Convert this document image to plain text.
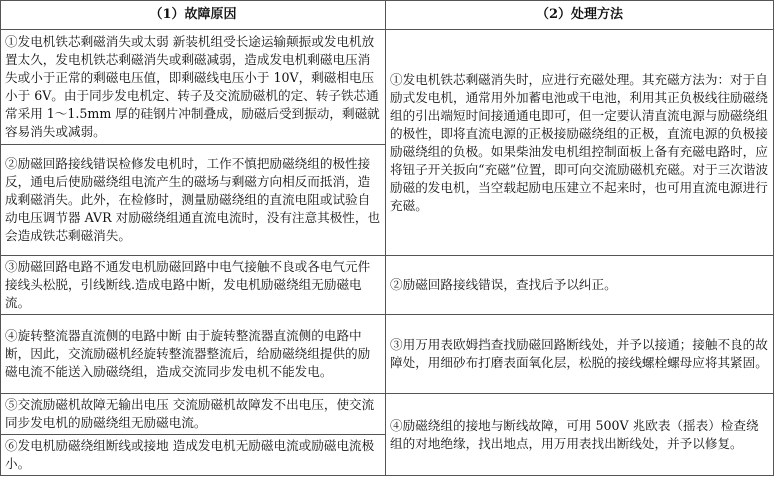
（1）故障原因	（2）处理方法
①发电机铁芯剩磁消失或太弱 新装机组受长途运输颠振或发电机放置太久，发电机铁芯剩磁消失或剩磁减弱，造成发电机剩磁电压消失或小于正常的剩磁电压值，即剩磁线电压小于 10V，剩磁相电压小于 6V。由于同步发电机定、转子及交流励磁机的定、转子铁芯通常采用 1～1.5mm 厚的硅钢片冲制叠成，励磁后受到振动，剩磁就容易消失或减弱。	①发电机铁芯剩磁消失时，应进行充磁处理。其充磁方法为：对于自励式发电机，通常用外加蓄电池或干电池，利用其正负极线往励磁绕组的引出端短时间接通通电即可，但一定要认清直流电源与励磁绕组的极性，即将直流电源的正极接励磁绕组的正极，直流电源的负极接励磁绕组的负极。如果柴油发电机组控制面板上备有充磁电路时，应将钮子开关扳向“充磁”位置，即可向交流励磁机充磁。对于三次谐波励磁的发电机，当空载起励电压建立不起来时，也可用直流电源进行充磁。
②励磁回路接线错误检修发电机时，工作不慎把励磁绕组的极性接反，通电后使励磁绕组电流产生的磁场与剩磁方向相反而抵消，造成剩磁消失。此外，在检修时，测量励磁绕组的直流电阻或试验自动电压调节器 AVR 对励磁绕组通直流电流时，没有注意其极性，也会造成铁芯剩磁消失。	
③励磁回路电路不通发电机励磁回路中电气接触不良或各电气元件接线头松脱，引线断线.造成电路中断，发电机励磁绕组无励磁电流。	②励磁回路接线错误，查找后予以纠正。
④旋转整流器直流侧的电路中断 由于旋转整流器直流侧的电路中断，因此，交流励磁机经旋转整流器整流后，给励磁绕组提供的励磁电流不能送入励磁绕组，造成交流同步发电机不能发电。	③用万用表欧姆挡查找励磁回路断线处，并予以接通；接触不良的故障处，用细砂布打磨表面氧化层，松脱的接线螺栓螺母应将其紧固。
⑤交流励磁机故障无输出电压 交流励磁机故障发不出电压，使交流同步发电机的励磁绕组无励磁电流。	④励磁绕组的接地与断线故障，可用 500V 兆欧表（摇表）检查绕组的对地绝缘，找出地点，用万用表找出断线处，并予以修复。
⑥发电机励磁绕组断线或接地 造成发电机无励磁电流或励磁电流极小。	
